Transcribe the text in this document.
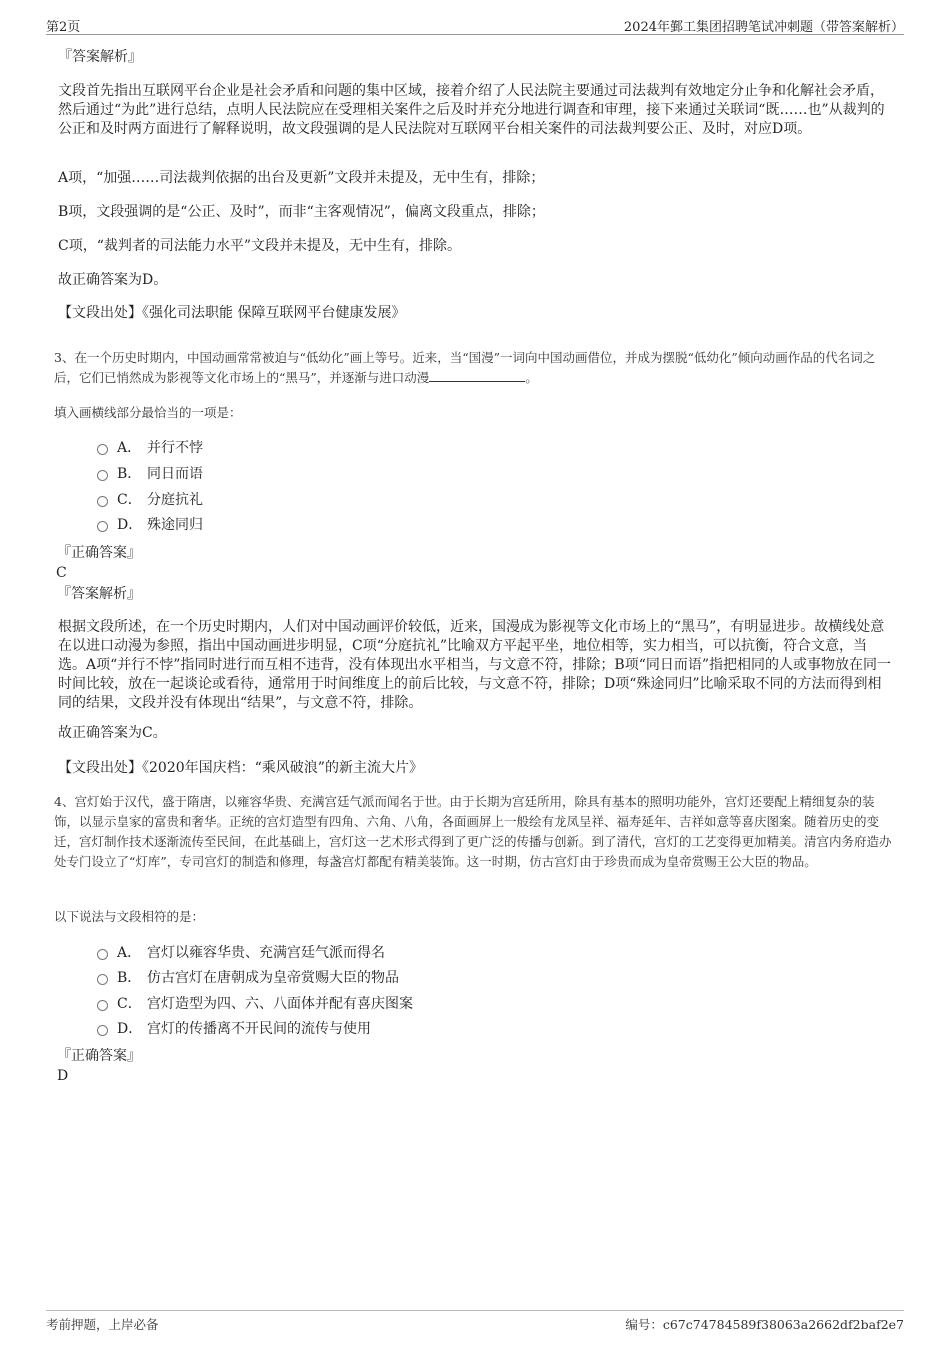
第2页	2024年鄞工集团招聘笔试冲刺题（带答案解析）
『答案解析』

文段首先指出互联网平台企业是社会矛盾和问题的集中区域，接着介绍了人民法院主要通过司法裁判有效地定分止争和化解社会矛盾，然后通过“为此”进行总结，点明人民法院应在受理相关案件之后及时并充分地进行调查和审理，接下来通过关联词“既……也”从裁判的公正和及时两方面进行了解释说明，故文段强调的是人民法院对互联网平台相关案件的司法裁判要公正、及时，对应D项。

A项，“加强……司法裁判依据的出台及更新”文段并未提及，无中生有，排除；
B项，文段强调的是“公正、及时”，而非“主客观情况”，偏离文段重点，排除；
C项，“裁判者的司法能力水平”文段并未提及，无中生有，排除。
故正确答案为D。
【文段出处】《强化司法职能 保障互联网平台健康发展》

3、在一个历史时期内，中国动画常常被迫与“低幼化”画上等号。近来，当“国漫”一词向中国动画借位，并成为摆脱“低幼化”倾向动画作品的代名词之后，它们已悄然成为影视等文化市场上的“黑马”，并逐渐与进口动漫	。

填入画横线部分最恰当的一项是：
A． 并行不悖
B． 同日而语
C． 分庭抗礼
D． 殊途同归
『正确答案』
C
『答案解析』

根据文段所述，在一个历史时期内，人们对中国动画评价较低，近来，国漫成为影视等文化市场上的“黑马”，有明显进步。故横线处意在以进口动漫为参照，指出中国动画进步明显，C项“分庭抗礼”比喻双方平起平坐，地位相等，实力相当，可以抗衡，符合文意，当选。A项“并行不悖”指同时进行而互相不违背，没有体现出水平相当，与文意不符，排除；B项“同日而语”指把相同的人或事物放在同一时间比较，放在一起谈论或看待，通常用于时间维度上的前后比较，与文意不符，排除；D项“殊途同归”比喻采取不同的方法而得到相同的结果，文段并没有体现出“结果”，与文意不符，排除。

故正确答案为C。
【文段出处】《2020年国庆档：“乘风破浪”的新主流大片》

4、宫灯始于汉代，盛于隋唐，以雍容华贵、充满宫廷气派而闻名于世。由于长期为宫廷所用，除具有基本的照明功能外，宫灯还要配上精细复杂的装饰，以显示皇家的富贵和奢华。正统的宫灯造型有四角、六角、八角，各面画屏上一般绘有龙凤呈祥、福寿延年、吉祥如意等喜庆图案。随着历史的变迁，宫灯制作技术逐渐流传至民间，在此基础上，宫灯这一艺术形式得到了更广泛的传播与创新。到了清代，宫灯的工艺变得更加精美。清宫内务府造办处专门设立了“灯库”，专司宫灯的制造和修理，每盏宫灯都配有精美装饰。这一时期，仿古宫灯由于珍贵而成为皇帝赏赐王公大臣的物品。

以下说法与文段相符的是：
A． 宫灯以雍容华贵、充满宫廷气派而得名
B． 仿古宫灯在唐朝成为皇帝赏赐大臣的物品
C． 宫灯造型为四、六、八面体并配有喜庆图案
D． 宫灯的传播离不开民间的流传与使用
『正确答案』
D
考前押题，上岸必备	编号：c67c74784589f38063a2662df2baf2e7
